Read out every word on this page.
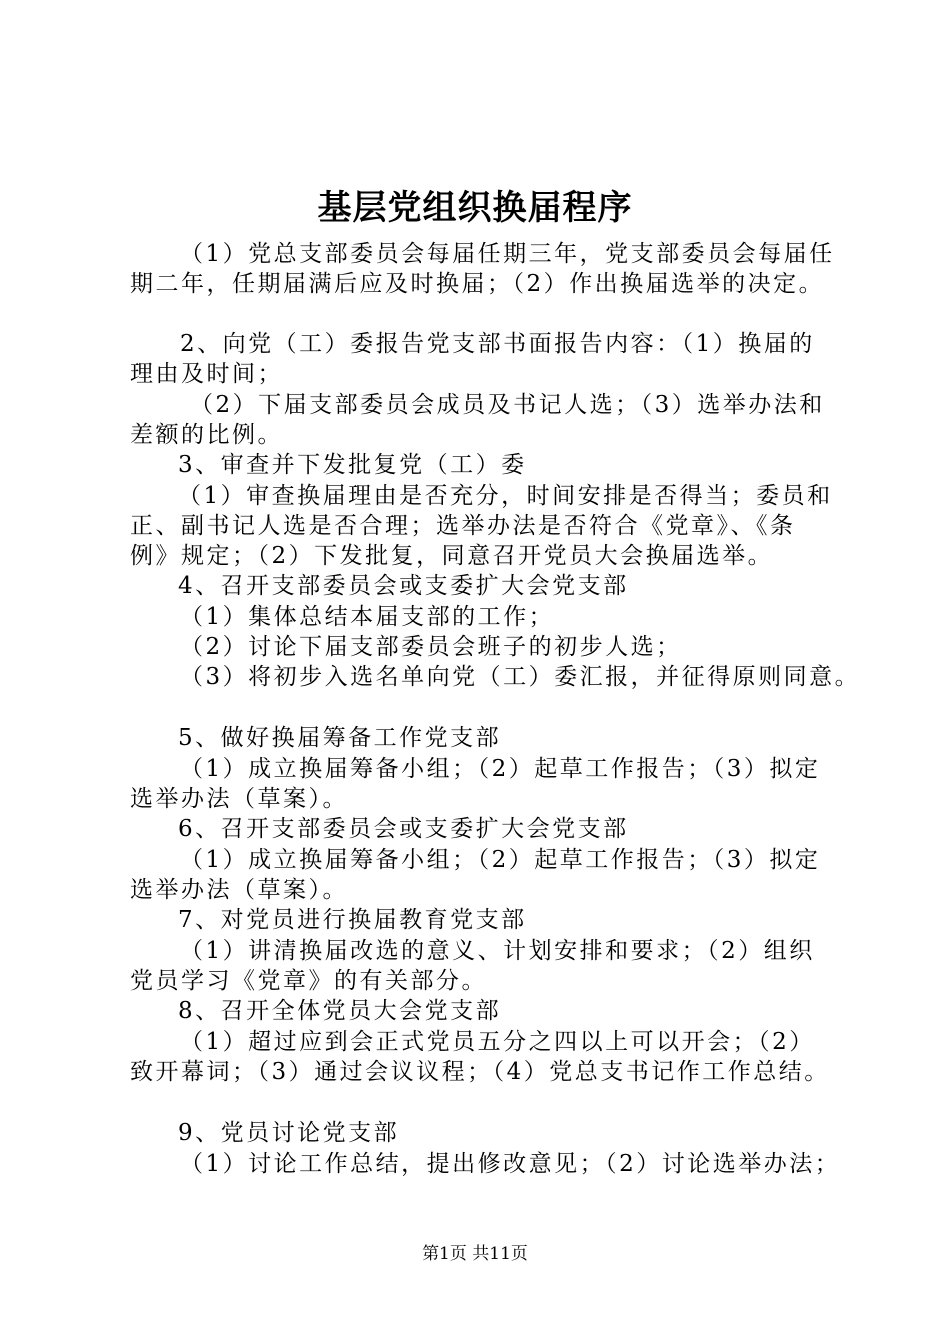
基层党组织换届程序
（1）党总支部委员会每届任期三年，党支部委员会每届任
期二年，任期届满后应及时换届；（2）作出换届选举的决定。
2、向党（工）委报告党支部书面报告内容：（1）换届的
理由及时间；
（2）下届支部委员会成员及书记人选；（3）选举办法和
差额的比例。
3、审查并下发批复党（工）委
（1）审查换届理由是否充分，时间安排是否得当；委员和
正、副书记人选是否合理；选举办法是否符合《党章》、《条
例》规定；（2）下发批复，同意召开党员大会换届选举。
4、召开支部委员会或支委扩大会党支部
（1）集体总结本届支部的工作；
（2）讨论下届支部委员会班子的初步人选；
（3）将初步入选名单向党（工）委汇报，并征得原则同意。
5、做好换届筹备工作党支部
（1）成立换届筹备小组；（2）起草工作报告；（3）拟定
选举办法（草案）。
6、召开支部委员会或支委扩大会党支部
（1）成立换届筹备小组；（2）起草工作报告；（3）拟定
选举办法（草案）。
7、对党员进行换届教育党支部
（1）讲清换届改选的意义、计划安排和要求；（2）组织
党员学习《党章》的有关部分。
8、召开全体党员大会党支部
（1）超过应到会正式党员五分之四以上可以开会；（2）
致开幕词；（3）通过会议议程；（4）党总支书记作工作总结。
9、党员讨论党支部
（1）讨论工作总结，提出修改意见；（2）讨论选举办法；
第1页 共11页
